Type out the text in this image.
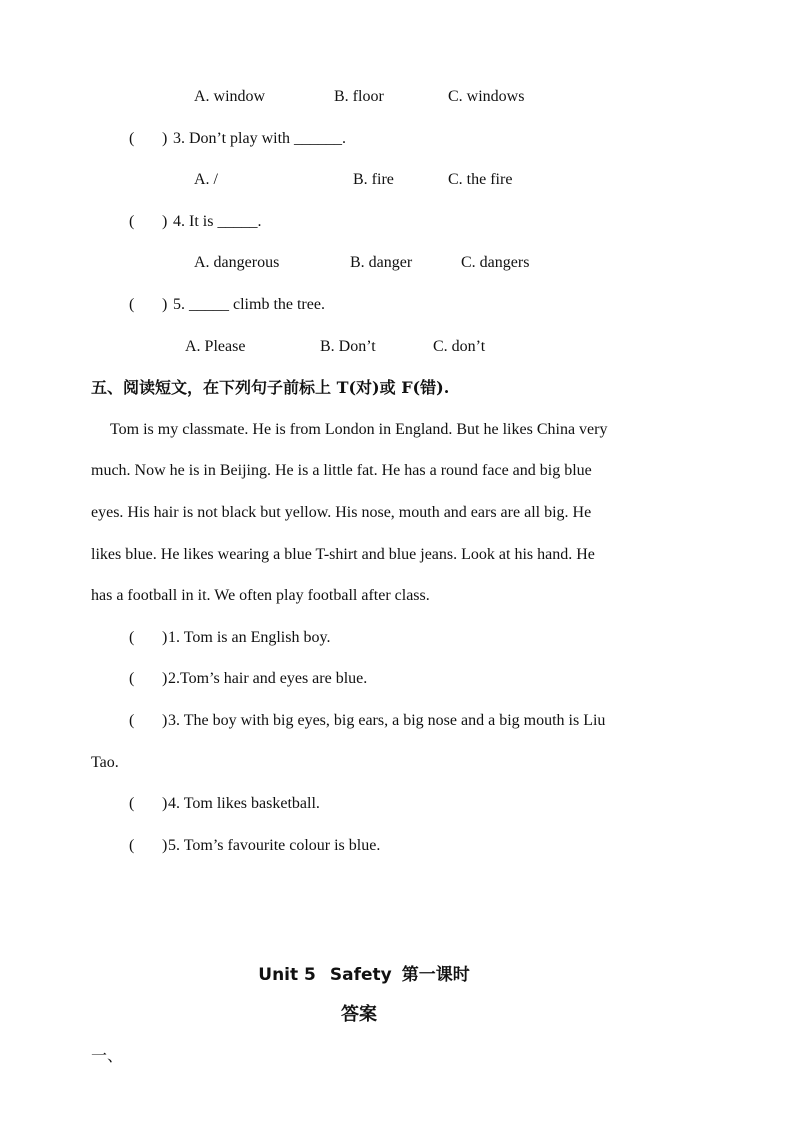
A. window	B. floor	C. windows
( ) 3. Don’t play with ______.
A. /	B. fire	C. the fire
( ) 4. It is _____.
A. dangerous	B. danger	C. dangers
( ) 5. _____ climb the tree.
A. Please	B. Don’t	C. don’t
五、阅读短文，在下列句子前标上 T(对)或 F(错).
Tom is my classmate. He is from London in England. But he likes China very
much. Now he is in Beijing. He is a little fat. He has a round face and big blue
eyes. His hair is not black but yellow. His nose, mouth and ears are all big. He
likes blue. He likes wearing a blue T-shirt and blue jeans. Look at his hand. He
has a football in it. We often play football after class.
( ) 1. Tom is an English boy.
( ) 2.Tom’s hair and eyes are blue.
( ) 3. The boy with big eyes, big ears, a big nose and a big mouth is Liu
Tao.
( ) 4. Tom likes basketball.
( ) 5. Tom’s favourite colour is blue.
Unit 5 Safety 第一课时
答案
一、
